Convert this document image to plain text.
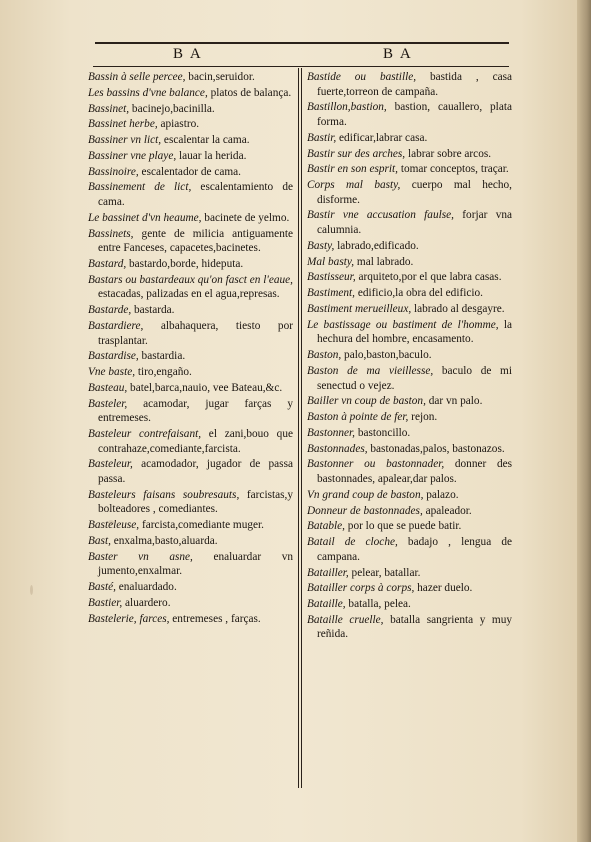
B A	B A

Bassin à selle percee, bacin,seruidor.

Les bassins d'vne balance, platos de balança.

Bassinet, bacinejo,bacinilla.

Bassinet herbe, apiastro.

Bassiner vn lict, escalentar la cama.

Bassiner vne playe, lauar la herida.

Bassinoire, escalentador de cama.

Bassinement de lict, escalentamiento de cama.

Le bassinet d'vn heaume, bacinete de yelmo.

Bassinets, gente de milicia antiguamente entre Fanceses, capacetes,bacinetes.

Bastard, bastardo,borde, hideputa.

Bastars ou bastardeaux qu'on fasct en l'eaue, estacadas, palizadas en el agua,represas.

Bastarde, bastarda.

Bastardiere, albahaquera, tiesto por trasplantar.

Bastardise, bastardia.

Vne baste, tiro,engaño.

Basteau, batel,barca,nauio, vee Bateau,&c.

Basteler, acamodar, jugar farças y entremeses.

Basteleur contrefaisant, el zani,bouo que contrahaze,comediante,farcista.

Basteleur, acamodador, jugador de passa passa.

Basteleurs faisans soubresauts, farcistas,y bolteadores , comediantes.

Basteleuse, farcista,comediante muger.

Bast, enxalma,basto,aluarda.

Baster vn asne, enaluardar vn jumento,enxalmar.

Basté, enaluardado.

Bastier, aluardero.

Bastelerie, farces, entremeses , farças.

Bastide ou bastille, bastida , casa fuerte,torreon de campaña.

Bastillon,bastion, bastion, cauallero, plata forma.

Bastir, edificar,labrar casa.

Bastir sur des arches, labrar sobre arcos.

Bastir en son esprit, tomar conceptos, traçar.

Corps mal basty, cuerpo mal hecho, disforme.

Bastir vne accusation faulse, forjar vna calumnia.

Basty, labrado,edificado.

Mal basty, mal labrado.

Bastisseur, arquiteto,por el que labra casas.

Bastiment, edificio,la obra del edificio.

Bastiment merueilleux, labrado al desgayre.

Le bastissage ou bastiment de l'homme, la hechura del hombre, encasamento.

Baston, palo,baston,baculo.

Baston de ma vieillesse, baculo de mi senectud o vejez.

Bailler vn coup de baston, dar vn palo.

Baston à pointe de fer, rejon.

Bastonner, bastoncillo.

Bastonnades, bastonadas,palos, bastonazos.

Bastonner ou bastonnader, donner des bastonnades, apalear,dar palos.

Vn grand coup de baston, palazo.

Donneur de bastonnades, apaleador.

Batable, por lo que se puede batir.

Batail de cloche, badajo , lengua de campana.

Batailler, pelear, batallar.

Batailler corps à corps, hazer duelo.

Bataille, batalla, pelea.

Bataille cruelle, batalla sangrienta y muy reñida.
